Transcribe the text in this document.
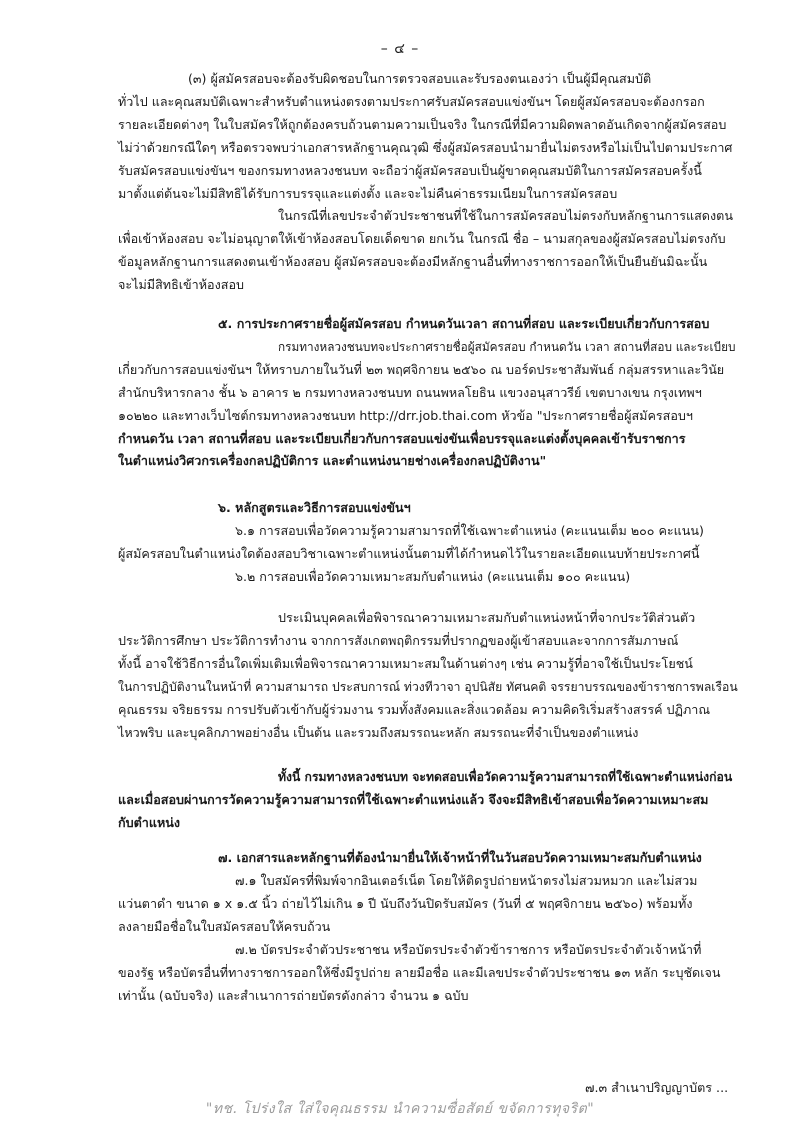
– ๔ –

(๓) ผู้สมัครสอบจะต้องรับผิดชอบในการตรวจสอบและรับรองตนเองว่า เป็นผู้มีคุณสมบัติ

ทั่วไป และคุณสมบัติเฉพาะสำหรับตำแหน่งตรงตามประกาศรับสมัครสอบแข่งขันฯ โดยผู้สมัครสอบจะต้องกรอก

รายละเอียดต่างๆ ในใบสมัครให้ถูกต้องครบถ้วนตามความเป็นจริง ในกรณีที่มีความผิดพลาดอันเกิดจากผู้สมัครสอบ

ไม่ว่าด้วยกรณีใดๆ หรือตรวจพบว่าเอกสารหลักฐานคุณวุฒิ ซึ่งผู้สมัครสอบนำมายื่นไม่ตรงหรือไม่เป็นไปตามประกาศ

รับสมัครสอบแข่งขันฯ ของกรมทางหลวงชนบท จะถือว่าผู้สมัครสอบเป็นผู้ขาดคุณสมบัติในการสมัครสอบครั้งนี้

มาตั้งแต่ต้นจะไม่มีสิทธิได้รับการบรรจุและแต่งตั้ง และจะไม่คืนค่าธรรมเนียมในการสมัครสอบ

ในกรณีที่เลขประจำตัวประชาชนที่ใช้ในการสมัครสอบไม่ตรงกับหลักฐานการแสดงตน

เพื่อเข้าห้องสอบ จะไม่อนุญาตให้เข้าห้องสอบโดยเด็ดขาด ยกเว้น ในกรณี ชื่อ – นามสกุลของผู้สมัครสอบไม่ตรงกับ

ข้อมูลหลักฐานการแสดงตนเข้าห้องสอบ ผู้สมัครสอบจะต้องมีหลักฐานอื่นที่ทางราชการออกให้เป็นยืนยันมิฉะนั้น

จะไม่มีสิทธิเข้าห้องสอบ

๕. การประกาศรายชื่อผู้สมัครสอบ กำหนดวันเวลา สถานที่สอบ และระเบียบเกี่ยวกับการสอบ

กรมทางหลวงชนบทจะประกาศรายชื่อผู้สมัครสอบ กำหนดวัน เวลา สถานที่สอบ และระเบียบ

เกี่ยวกับการสอบแข่งขันฯ ให้ทราบภายในวันที่ ๒๓ พฤศจิกายน ๒๕๖๐ ณ บอร์ดประชาสัมพันธ์ กลุ่มสรรหาและวินัย

สำนักบริหารกลาง ชั้น ๖ อาคาร ๒ กรมทางหลวงชนบท ถนนพหลโยธิน แขวงอนุสาวรีย์ เขตบางเขน กรุงเทพฯ

๑๐๒๒๐ และทางเว็บไซต์กรมทางหลวงชนบท http://drr.job.thai.com หัวข้อ "ประกาศรายชื่อผู้สมัครสอบฯ

กำหนดวัน เวลา สถานที่สอบ และระเบียบเกี่ยวกับการสอบแข่งขันเพื่อบรรจุและแต่งตั้งบุคคลเข้ารับราชการ

ในตำแหน่งวิศวกรเครื่องกลปฏิบัติการ และตำแหน่งนายช่างเครื่องกลปฏิบัติงาน"

๖. หลักสูตรและวิธีการสอบแข่งขันฯ

๖.๑ การสอบเพื่อวัดความรู้ความสามารถที่ใช้เฉพาะตำแหน่ง (คะแนนเต็ม ๒๐๐ คะแนน)

ผู้สมัครสอบในตำแหน่งใดต้องสอบวิชาเฉพาะตำแหน่งนั้นตามที่ได้กำหนดไว้ในรายละเอียดแนบท้ายประกาศนี้

๖.๒ การสอบเพื่อวัดความเหมาะสมกับตำแหน่ง (คะแนนเต็ม ๑๐๐ คะแนน)

ประเมินบุคคลเพื่อพิจารณาความเหมาะสมกับตำแหน่งหน้าที่จากประวัติส่วนตัว

ประวัติการศึกษา ประวัติการทำงาน จากการสังเกตพฤติกรรมที่ปรากฏของผู้เข้าสอบและจากการสัมภาษณ์

ทั้งนี้ อาจใช้วิธีการอื่นใดเพิ่มเติมเพื่อพิจารณาความเหมาะสมในด้านต่างๆ เช่น ความรู้ที่อาจใช้เป็นประโยชน์

ในการปฏิบัติงานในหน้าที่ ความสามารถ ประสบการณ์ ท่วงทีวาจา อุปนิสัย ทัศนคติ จรรยาบรรณของข้าราชการพลเรือน

คุณธรรม จริยธรรม การปรับตัวเข้ากับผู้ร่วมงาน รวมทั้งสังคมและสิ่งแวดล้อม ความคิดริเริ่มสร้างสรรค์ ปฏิภาณ

ไหวพริบ และบุคลิกภาพอย่างอื่น เป็นต้น และรวมถึงสมรรถนะหลัก สมรรถนะที่จำเป็นของตำแหน่ง

ทั้งนี้ กรมทางหลวงชนบท จะทดสอบเพื่อวัดความรู้ความสามารถที่ใช้เฉพาะตำแหน่งก่อน

และเมื่อสอบผ่านการวัดความรู้ความสามารถที่ใช้เฉพาะตำแหน่งแล้ว จึงจะมีสิทธิเข้าสอบเพื่อวัดความเหมาะสม

กับตำแหน่ง

๗. เอกสารและหลักฐานที่ต้องนำมายื่นให้เจ้าหน้าที่ในวันสอบวัดความเหมาะสมกับตำแหน่ง

๗.๑ ใบสมัครที่พิมพ์จากอินเตอร์เน็ต โดยให้ติดรูปถ่ายหน้าตรงไม่สวมหมวก และไม่สวม

แว่นตาดำ ขนาด ๑ x ๑.๕ นิ้ว ถ่ายไว้ไม่เกิน ๑ ปี นับถึงวันปิดรับสมัคร (วันที่ ๕ พฤศจิกายน ๒๕๖๐) พร้อมทั้ง

ลงลายมือชื่อในใบสมัครสอบให้ครบถ้วน

๗.๒ บัตรประจำตัวประชาชน หรือบัตรประจำตัวข้าราชการ หรือบัตรประจำตัวเจ้าหน้าที่

ของรัฐ หรือบัตรอื่นที่ทางราชการออกให้ซึ่งมีรูปถ่าย ลายมือชื่อ และมีเลขประจำตัวประชาชน ๑๓ หลัก ระบุชัดเจน

เท่านั้น (ฉบับจริง) และสำเนาการถ่ายบัตรดังกล่าว จำนวน ๑ ฉบับ

๗.๓ สำเนาปริญญาบัตร ...
"ทช. โปร่งใส ใส่ใจคุณธรรม นำความซื่อสัตย์ ขจัดการทุจริต"
